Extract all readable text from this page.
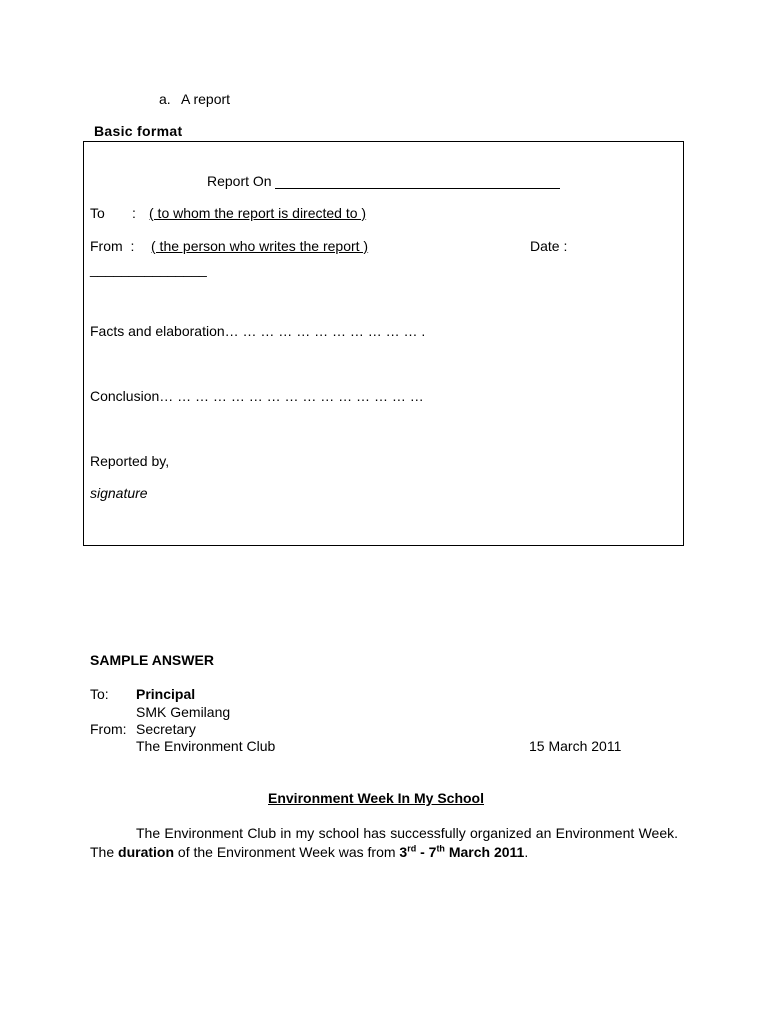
a. A report
Basic format
Report On
To : ( to whom the report is directed to )
From  : ( the person who writes the report )	Date :
_______________
Facts and elaboration… … … … … … … … … … … .
Conclusion… … … … … … … … … … … … … … …
Reported by,
signature
SAMPLE ANSWER
To: Principal
SMK Gemilang
From: Secretary
The Environment Club	15 March 2011
Environment Week In My School
The Environment Club in my school has successfully organized an Environment Week. The duration of the Environment Week was from 3rd - 7th March 2011.
